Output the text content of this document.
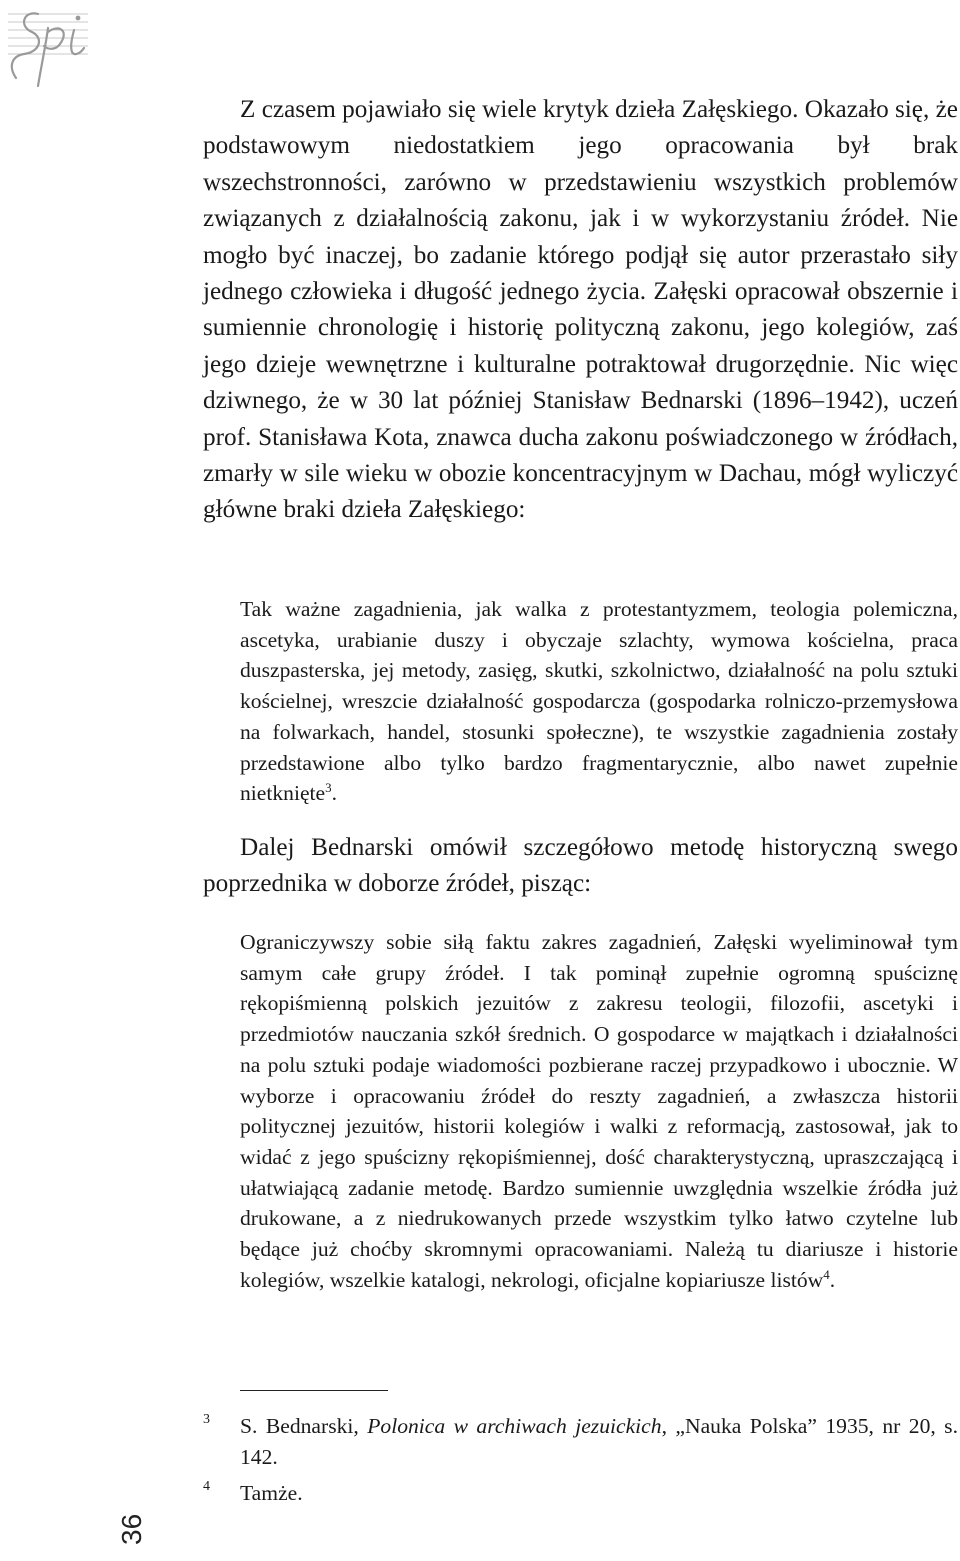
Z czasem pojawiało się wiele krytyk dzieła Załęskiego. Okazało się, że podstawowym niedostatkiem jego opracowania był brak wszechstronności, zarówno w przedstawieniu wszystkich problemów związanych z działalnością zakonu, jak i w wykorzystaniu źródeł. Nie mogło być inaczej, bo zadanie którego podjął się autor przerastało siły jednego człowieka i długość jednego życia. Załęski opracował obszernie i sumiennie chronologię i historię polityczną zakonu, jego kolegiów, zaś jego dzieje wewnętrzne i kulturalne potraktował drugorzędnie. Nic więc dziwnego, że w 30 lat później Stanisław Bednarski (1896–1942), uczeń prof. Stanisława Kota, znawca ducha zakonu poświadczonego w źródłach, zmarły w sile wieku w obozie koncentracyjnym w Dachau, mógł wyliczyć główne braki dzieła Załęskiego:

Tak ważne zagadnienia, jak walka z protestantyzmem, teologia polemiczna, ascetyka, urabianie duszy i obyczaje szlachty, wymowa kościelna, praca duszpasterska, jej metody, zasięg, skutki, szkolnictwo, działalność na polu sztuki kościelnej, wreszcie działalność gospodarcza (gospodarka rolniczo-przemysłowa na folwarkach, handel, stosunki społeczne), te wszystkie zagadnienia zostały przedstawione albo tylko bardzo fragmentarycznie, albo nawet zupełnie nietknięte$^3$.

Dalej Bednarski omówił szczegółowo metodę historyczną swego poprzednika w doborze źródeł, pisząc:

Ograniczywszy sobie siłą faktu zakres zagadnień, Załęski wyeliminował tym samym całe grupy źródeł. I tak pominął zupełnie ogromną spuściznę rękopiśmienną polskich jezuitów z zakresu teologii, filozofii, ascetyki i przedmiotów nauczania szkół średnich. O gospodarce w majątkach i działalności na polu sztuki podaje wiadomości pozbierane raczej przypadkowo i ubocznie. W wyborze i opracowaniu źródeł do reszty zagadnień, a zwłaszcza historii politycznej jezuitów, historii kolegiów i walki z reformacją, zastosował, jak to widać z jego spuścizny rękopiśmiennej, dość charakterystyczną, upraszczającą i ułatwiającą zadanie metodę. Bardzo sumiennie uwzględnia wszelkie źródła już drukowane, a z niedrukowanych przede wszystkim tylko łatwo czytelne lub będące już choćby skromnymi opracowaniami. Należą tu diariusze i historie kolegiów, wszelkie katalogi, nekrologi, oficjalne kopiariusze listów$^4$.

3 S. Bednarski, Polonica w archiwach jezuickich, „Nauka Polska” 1935, nr 20, s. 142.
4 Tamże.
36
